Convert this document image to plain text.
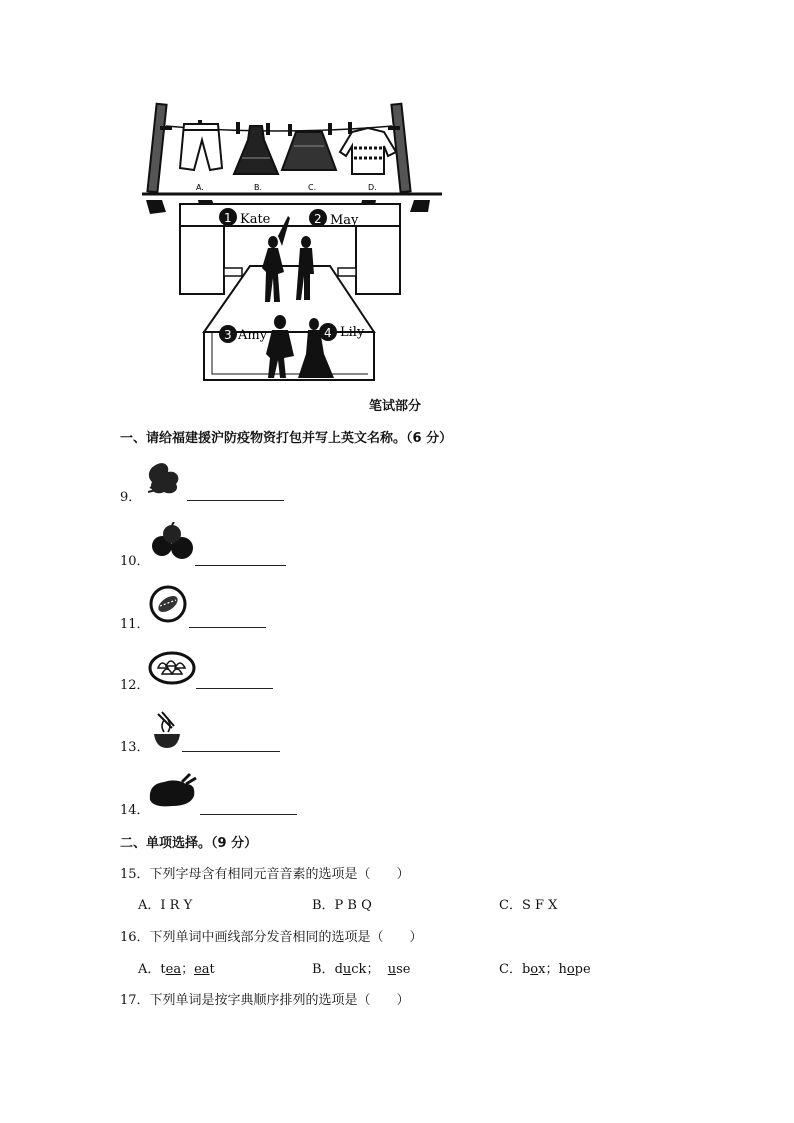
A.	B.	C.	D.
1 Kate	2 May
3 Amy	4 Lily
笔试部分
一、请给福建援沪防疫物资打包并写上英文名称。（6 分）
9．
10．
11．
12．
13．
14．
二、单项选择。（9 分）
15．下列字母含有相同元音音素的选项是（　　）
A．I R Y	B．P B Q	C．S F X
16．下列单词中画线部分发音相同的选项是（　　）
A．tea；eat	B．duck；  use	C．box；hope
17．下列单词是按字典顺序排列的选项是（　　）
